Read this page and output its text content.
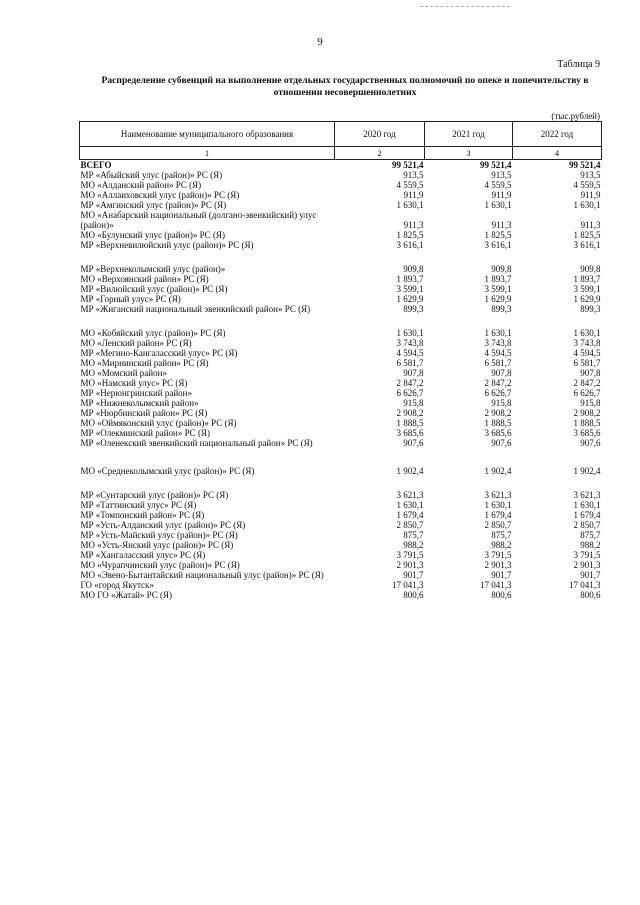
9
Таблица 9
Распределение субвенций на выполнение отдельных государственных полномочий по опеке и попечительству в отношении несовершеннолетних
(тыс.рублей)
Наименование муниципального образования	2020 год	2021 год	2022 год
1	2	3	4
ВСЕГО	99 521,4	99 521,4	99 521,4
МР «Абыйский улус (район)» РС (Я)	913,5	913,5	913,5
МО «Алданский район» РС (Я)	4 559,5	4 559,5	4 559,5
МО «Аллаиховский улус (район)» РС (Я)	911,9	911,9	911,9
МР «Амгинский улус (район)» РС (Я)	1 630,1	1 630,1	1 630,1
МО «Анабарский национальный (долгано-эвенкийский) улус (район)»	911,3	911,3	911,3
МО «Булунский улус (район)» РС (Я)	1 825,5	1 825,5	1 825,5
МР «Верхневилюйский улус (район)» РС (Я)	3 616,1	3 616,1	3 616,1

МР «Верхнеколымский улус (район)»	909,8	909,8	909,8
МО «Верхоянский район» РС (Я)	1 893,7	1 893,7	1 893,7
МР «Вилюйский улус (район)» РС (Я)	3 599,1	3 599,1	3 599,1
МР «Горный улус» РС (Я)	1 629,9	1 629,9	1 629,9
МР «Жиганский национальный эвенкийский район» РС (Я)	899,3	899,3	899,3

МО «Кобяйский улус (район)» РС (Я)	1 630,1	1 630,1	1 630,1
МО «Ленский район» РС (Я)	3 743,8	3 743,8	3 743,8
МР «Мегино-Кангаласский улус» РС (Я)	4 594,5	4 594,5	4 594,5
МО «Мирнинский район» РС (Я)	6 581,7	6 581,7	6 581,7
МО «Момский район»	907,8	907,8	907,8
МО «Намский улус» РС (Я)	2 847,2	2 847,2	2 847,2
МР «Нерюнгринский район»	6 626,7	6 626,7	6 626,7
МР «Нижнеколымский район»	915,8	915,8	915,8
МР «Нюрбинский район» РС (Я)	2 908,2	2 908,2	2 908,2
МО «Оймяконский улус (район)» РС (Я)	1 888,5	1 888,5	1 888,5
МР «Олекминский район» РС (Я)	3 685,6	3 685,6	3 685,6
МР «Оленекский эвенкийский национальный район» РС (Я)	907,6	907,6	907,6

МО «Среднеколымский улус (район)» РС (Я)	1 902,4	1 902,4	1 902,4

МР «Сунтарский улус (район)» РС (Я)	3 621,3	3 621,3	3 621,3
МР «Таттинский улус» РС (Я)	1 630,1	1 630,1	1 630,1
МР «Томпонский район» РС (Я)	1 679,4	1 679,4	1 679,4
МР «Усть-Алданский улус (район)» РС (Я)	2 850,7	2 850,7	2 850,7
МР «Усть-Майский улус (район)» РС (Я)	875,7	875,7	875,7
МО «Усть-Янский улус (район)» РС (Я)	988,2	988,2	988,2
МР «Хангаласский улус» РС (Я)	3 791,5	3 791,5	3 791,5
МО «Чурапчинский улус (район)» РС (Я)	2 901,3	2 901,3	2 901,3
МО «Эвено-Бытантайский национальный улус (район)» РС (Я)	901,7	901,7	901,7
ГО «город Якутск»	17 041,3	17 041,3	17 041,3
МО ГО «Жатай» РС (Я)	800,6	800,6	800,6
